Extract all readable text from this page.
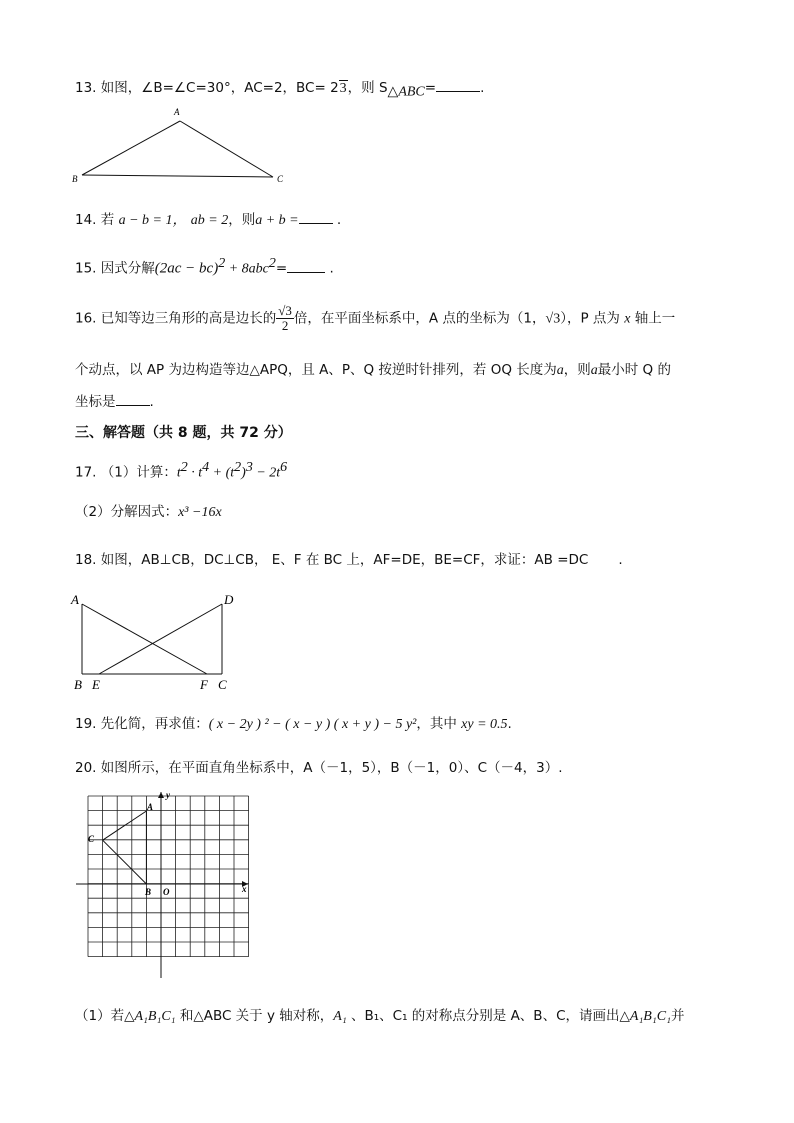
13. 如图，∠B=∠C=30°，AC=2，BC= 23，则 $S_{\triangle ABC}=$	.
A
B	C
14. 若 a − b = 1， ab = 2，则a + b =	.
15. 因式分解(2ac − bc)$^2$ + 8abc$^2$=	.
16. 已知等边三角形的高是边长的 $\frac{√3}{2}$ 倍，在平面坐标系中，A 点的坐标为（1，√3），P 点为 x 轴上一
个动点，以 AP 为边构造等边△APQ，且 A、P、Q 按逆时针排列，若 OQ 长度为a，则a最小时 Q 的
坐标是	.
三、解答题（共 8 题，共 72 分）
17. （1）计算：$t^2 \cdot t^4 + (t^2)^3 - 2t^6$
（2）分解因式：x³ −16x
18. 如图，AB⊥CB，DC⊥CB， E、F 在 BC 上，AF=DE，BE=CF，求证：AB =DC .
A	D
B E	F C
19. 先化简，再求值：( x − 2y ) ² − ( x − y ) ( x + y ) − 5 y²，其中 xy = 0.5.
20. 如图所示，在平面直角坐标系中，A（－1，5），B（－1，0）、C（－4，3）.
A
y
C
B O	x
（1）若△A₁B₁C₁ 和△ABC 关于 y 轴对称，A₁ 、B₁、C₁ 的对称点分别是 A、B、C，请画出△A₁B₁C₁并
